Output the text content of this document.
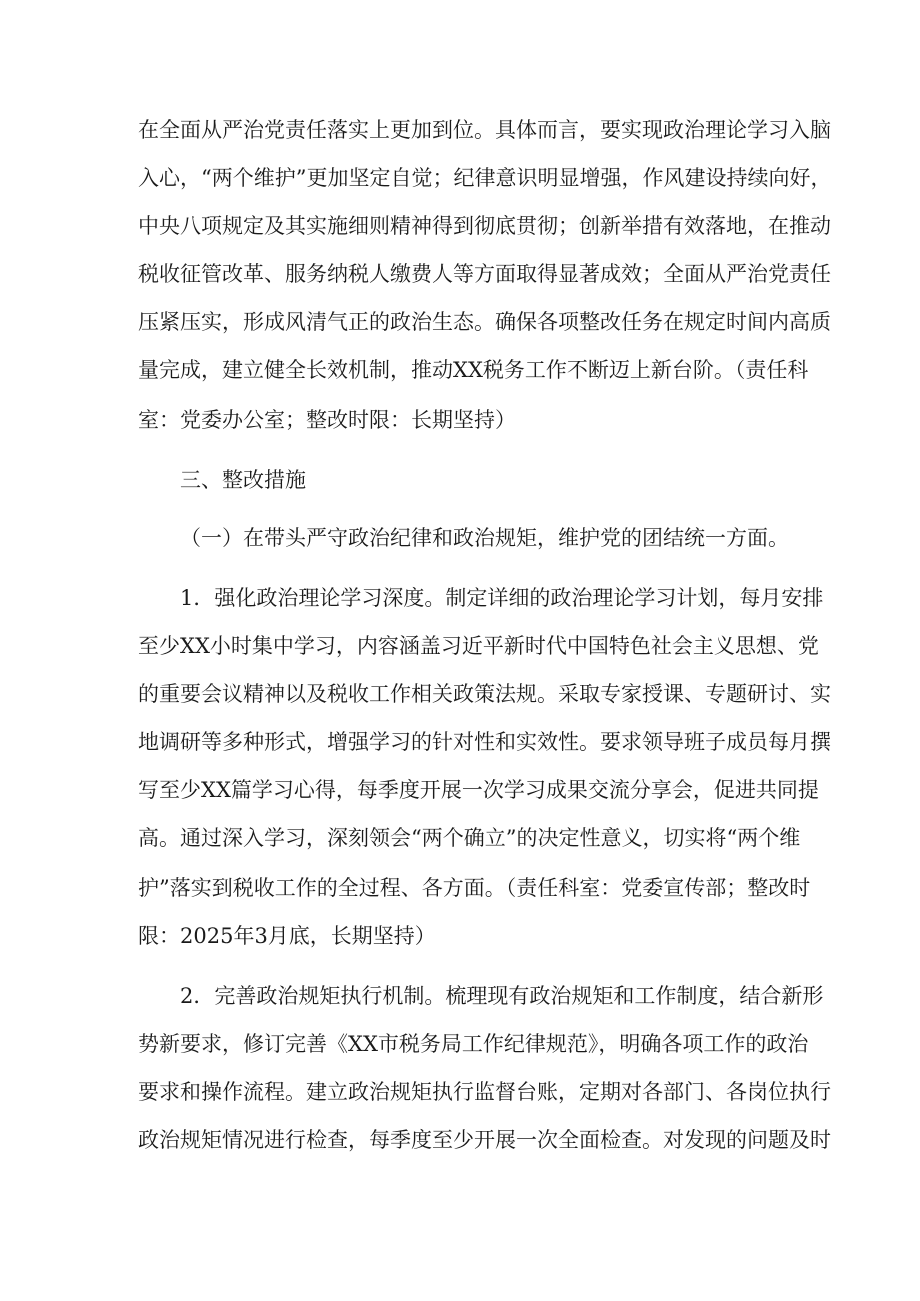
在全面从严治党责任落实上更加到位。具体而言，要实现政治理论学习入脑
入心，“两个维护”更加坚定自觉；纪律意识明显增强，作风建设持续向好，
中央八项规定及其实施细则精神得到彻底贯彻；创新举措有效落地，在推动
税收征管改革、服务纳税人缴费人等方面取得显著成效；全面从严治党责任
压紧压实，形成风清气正的政治生态。确保各项整改任务在规定时间内高质
量完成，建立健全长效机制，推动XX税务工作不断迈上新台阶。（责任科
室：党委办公室；整改时限：长期坚持）
三、整改措施
（一）在带头严守政治纪律和政治规矩，维护党的团结统一方面。
1．强化政治理论学习深度。制定详细的政治理论学习计划，每月安排
至少XX小时集中学习，内容涵盖习近平新时代中国特色社会主义思想、党
的重要会议精神以及税收工作相关政策法规。采取专家授课、专题研讨、实
地调研等多种形式，增强学习的针对性和实效性。要求领导班子成员每月撰
写至少XX篇学习心得，每季度开展一次学习成果交流分享会，促进共同提
高。通过深入学习，深刻领会“两个确立”的决定性意义，切实将“两个维
护”落实到税收工作的全过程、各方面。（责任科室：党委宣传部；整改时
限：2025年3月底，长期坚持）
2．完善政治规矩执行机制。梳理现有政治规矩和工作制度，结合新形
势新要求，修订完善《XX市税务局工作纪律规范》，明确各项工作的政治
要求和操作流程。建立政治规矩执行监督台账，定期对各部门、各岗位执行
政治规矩情况进行检查，每季度至少开展一次全面检查。对发现的问题及时
